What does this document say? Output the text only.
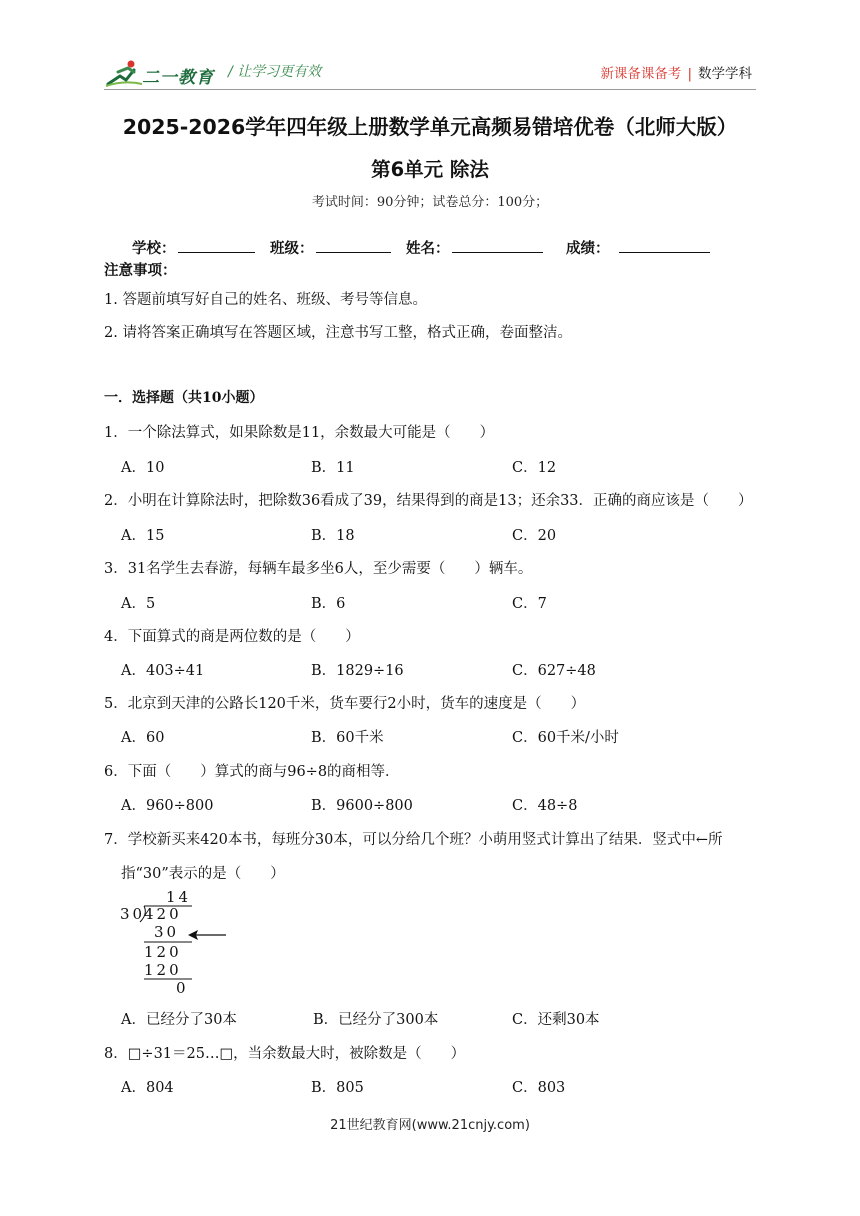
二一教育 / 让学习更有效	新课备课备考 | 数学学科
2025-2026学年四年级上册数学单元高频易错培优卷（北师大版）
第6单元 除法
考试时间：90分钟；试卷总分：100分；
学校：	班级：	姓名：	成绩：
注意事项：
1. 答题前填写好自己的姓名、班级、考号等信息。
2. 请将答案正确填写在答题区域，注意书写工整，格式正确，卷面整洁。
一．选择题（共10小题）
1．一个除法算式，如果除数是11，余数最大可能是（　　）
A．10	B．11	C．12
2．小明在计算除法时，把除数36看成了39，结果得到的商是13；还余33．正确的商应该是（　　）
A．15	B．18	C．20
3．31名学生去春游，每辆车最多坐6人，至少需要（　　）辆车。
A．5	B．6	C．7
4．下面算式的商是两位数的是（　　）
A．403÷41	B．1829÷16	C．627÷48
5．北京到天津的公路长120千米，货车要行2小时，货车的速度是（　　）
A．60	B．60千米	C．60千米/小时
6．下面（　　）算式的商与96÷8的商相等．
A．960÷800	B．9600÷800	C．48÷8
7．学校新买来420本书，每班分30本，可以分给几个班？小萌用竖式计算出了结果．竖式中←所
指“30”表示的是（　　）
14
30
420
30
120
120
0
A．已经分了30本	B．已经分了300本	C．还剩30本
8．□÷31＝25…□，当余数最大时，被除数是（　　）
A．804	B．805	C．803
21世纪教育网(www.21cnjy.com)
